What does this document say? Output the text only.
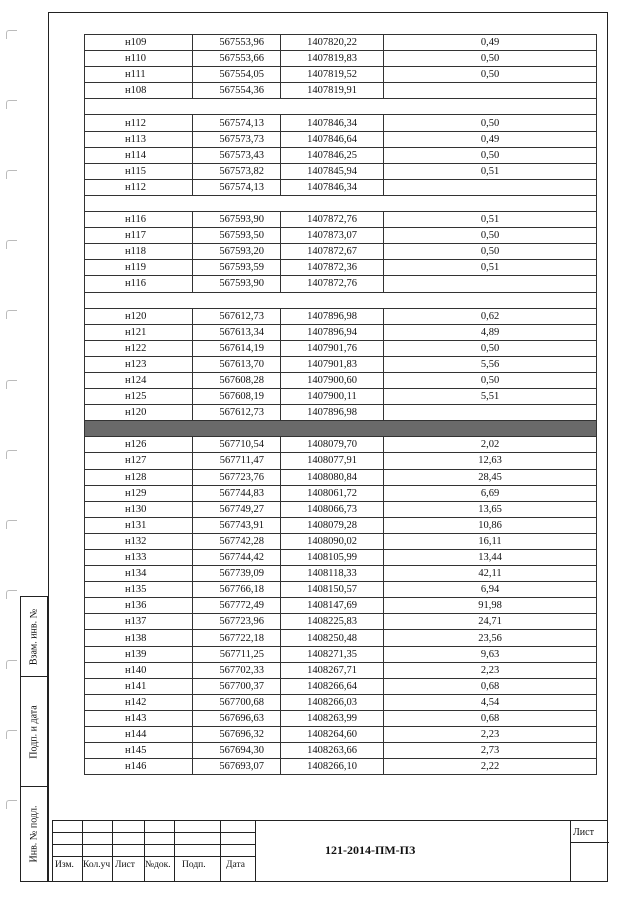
Взам. инв. №
Подп. и дата
Инв. № подл.
н109	567553,96	1407820,22	0,49
н110	567553,66	1407819,83	0,50
н111	567554,05	1407819,52	0,50
н108	567554,36	1407819,91	

н112	567574,13	1407846,34	0,50
н113	567573,73	1407846,64	0,49
н114	567573,43	1407846,25	0,50
н115	567573,82	1407845,94	0,51
н112	567574,13	1407846,34	

н116	567593,90	1407872,76	0,51
н117	567593,50	1407873,07	0,50
н118	567593,20	1407872,67	0,50
н119	567593,59	1407872,36	0,51
н116	567593,90	1407872,76	

н120	567612,73	1407896,98	0,62
н121	567613,34	1407896,94	4,89
н122	567614,19	1407901,76	0,50
н123	567613,70	1407901,83	5,56
н124	567608,28	1407900,60	0,50
н125	567608,19	1407900,11	5,51
н120	567612,73	1407896,98	

н126	567710,54	1408079,70	2,02
н127	567711,47	1408077,91	12,63
н128	567723,76	1408080,84	28,45
н129	567744,83	1408061,72	6,69
н130	567749,27	1408066,73	13,65
н131	567743,91	1408079,28	10,86
н132	567742,28	1408090,02	16,11
н133	567744,42	1408105,99	13,44
н134	567739,09	1408118,33	42,11
н135	567766,18	1408150,57	6,94
н136	567772,49	1408147,69	91,98
н137	567723,96	1408225,83	24,71
н138	567722,18	1408250,48	23,56
н139	567711,25	1408271,35	9,63
н140	567702,33	1408267,71	2,23
н141	567700,37	1408266,64	0,68
н142	567700,68	1408266,03	4,54
н143	567696,63	1408263,99	0,68
н144	567696,32	1408264,60	2,23
н145	567694,30	1408263,66	2,73
н146	567693,07	1408266,10	2,22
Изм. Кол.уч Лист №док. Подп. Дата
121-2014-ПМ-ПЗ
Лист
